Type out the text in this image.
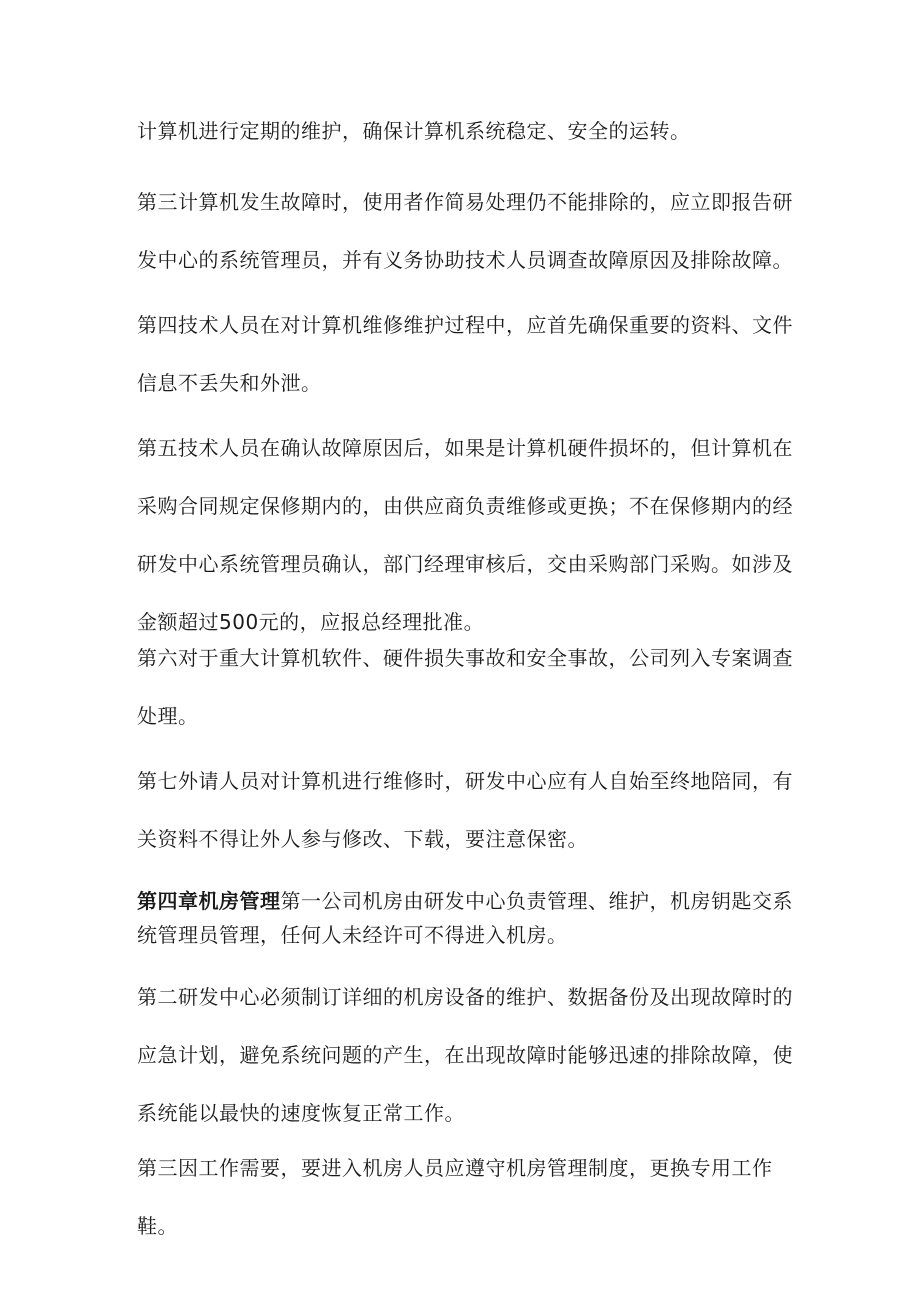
计算机进行定期的维护，确保计算机系统稳定、安全的运转。

第三计算机发生故障时，使用者作简易处理仍不能排除的，应立即报告研发中心的系统管理员，并有义务协助技术人员调查故障原因及排除故障。

第四技术人员在对计算机维修维护过程中，应首先确保重要的资料、文件信息不丢失和外泄。

第五技术人员在确认故障原因后，如果是计算机硬件损坏的，但计算机在采购合同规定保修期内的，由供应商负责维修或更换；不在保修期内的经研发中心系统管理员确认，部门经理审核后，交由采购部门采购。如涉及金额超过500元的，应报总经理批准。

第六对于重大计算机软件、硬件损失事故和安全事故，公司列入专案调查处理。

第七外请人员对计算机进行维修时，研发中心应有人自始至终地陪同，有关资料不得让外人参与修改、下载，要注意保密。

第四章机房管理第一公司机房由研发中心负责管理、维护，机房钥匙交系统管理员管理，任何人未经许可不得进入机房。

第二研发中心必须制订详细的机房设备的维护、数据备份及出现故障时的应急计划，避免系统问题的产生，在出现故障时能够迅速的排除故障，使系统能以最快的速度恢复正常工作。

第三因工作需要，要进入机房人员应遵守机房管理制度，更换专用工作鞋。
